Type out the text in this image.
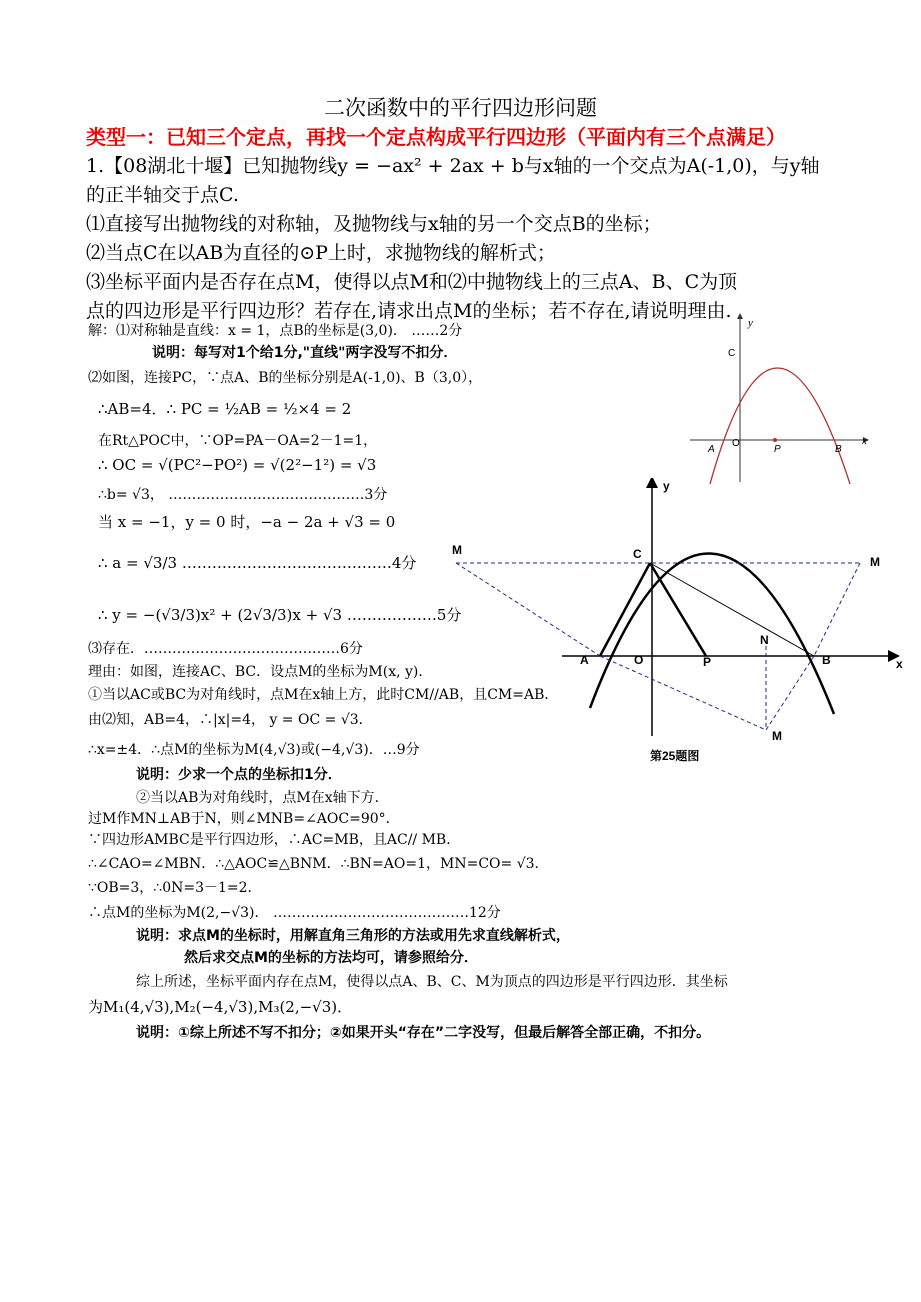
二次函数中的平行四边形问题
类型一：已知三个定点，再找一个定点构成平行四边形（平面内有三个点满足）
1.【08湖北十堰】已知抛物线y = −ax² + 2ax + b与x轴的一个交点为A(-1,0)，与y轴
的正半轴交于点C.
⑴直接写出抛物线的对称轴，及抛物线与x轴的另一个交点B的坐标；
⑵当点C在以AB为直径的⊙P上时，求抛物线的解析式；
⑶坐标平面内是否存在点M，使得以点M和⑵中抛物线上的三点A、B、C为顶
点的四边形是平行四边形？若存在,请求出点M的坐标；若不存在,请说明理由.
解：⑴对称轴是直线：x = 1，点B的坐标是(3,0)． ……2分
说明：每写对1个给1分,"直线"两字没写不扣分．
⑵如图，连接PC，∵点A、B的坐标分别是A(-1,0)、B（3,0），
∴AB=4．∴ PC = ½AB = ½×4 = 2
在Rt△POC中，∵OP=PA－OA=2－1=1，
∴ OC = √(PC²−PO²) = √(2²−1²) = √3
∴b= √3， ……………………………………3分
当 x = −1，y = 0 时，−a − 2a + √3 = 0
∴ a = √3/3 ……………………………………4分
∴ y = −(√3/3)x² + (2√3/3)x + √3 ………………5分
⑶存在．……………………………………6分
理由：如图，连接AC、BC．设点M的坐标为M(x, y)．
①当以AC或BC为对角线时，点M在x轴上方，此时CM//AB，且CM=AB．
由⑵知，AB=4，∴|x|=4， y = OC = √3．
∴x=±4．∴点M的坐标为M(4,√3)或(−4,√3)．…9分
说明：少求一个点的坐标扣1分．
②当以AB为对角线时，点M在x轴下方．
过M作MN⊥AB于N，则∠MNB=∠AOC=90°．
∵四边形AMBC是平行四边形，∴AC=MB，且AC// MB．
∴∠CAO=∠MBN．∴△AOC≌△BNM．∴BN=AO=1，MN=CO= √3．
∵OB=3，∴0N=3－1=2．
∴点M的坐标为M(2,−√3)． ……………………………………12分
说明：求点M的坐标时，用解直角三角形的方法或用先求直线解析式，
然后求交点M的坐标的方法均可，请参照给分．
综上所述，坐标平面内存在点M，使得以点A、B、C、M为顶点的四边形是平行四边形．其坐标
为M₁(4,√3),M₂(−4,√3),M₃(2,−√3)．
说明：①综上所述不写不扣分；②如果开头“存在”二字没写，但最后解答全部正确，不扣分。
y
x
C
A
O
P	B
y
x
C
A	O	P	B
N
M
M
M
第25题图
